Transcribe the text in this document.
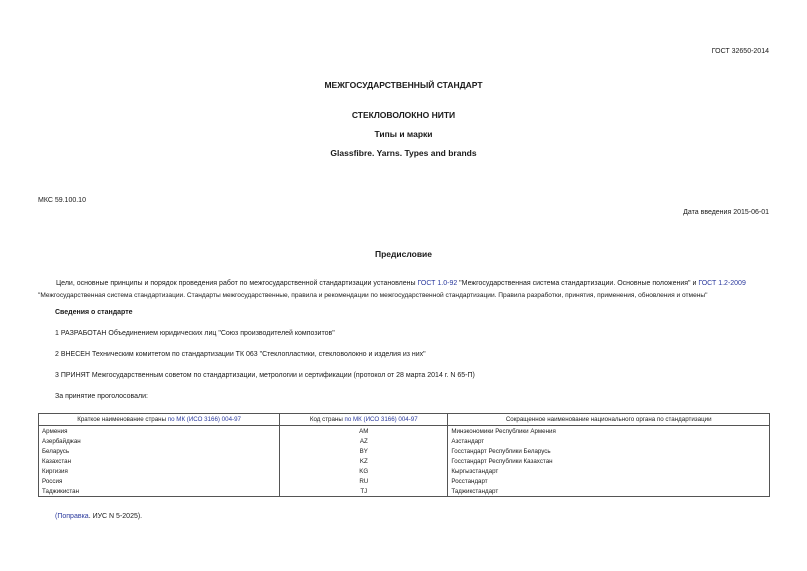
ГОСТ 32650-2014
МЕЖГОСУДАРСТВЕННЫЙ СТАНДАРТ
СТЕКЛОВОЛОКНО НИТИ
Типы и марки
Glassfibre. Yarns. Types and brands
МКС 59.100.10
Дата введения 2015-06-01
Предисловие
Цели, основные принципы и порядок проведения работ по межгосударственной стандартизации установлены ГОСТ 1.0-92 "Межгосударственная система стандартизации. Основные положения" и ГОСТ 1.2-2009
"Межгосударственная система стандартизации. Стандарты межгосударственные, правила и рекомендации по межгосударственной стандартизации. Правила разработки, принятия, применения, обновления и отмены"
Сведения о стандарте
1 РАЗРАБОТАН Объединением юридических лиц "Союз производителей композитов"
2 ВНЕСЕН Техническим комитетом по стандартизации ТК 063 "Стеклопластики, стекловолокно и изделия из них"
3 ПРИНЯТ Межгосударственным советом по стандартизации, метрологии и сертификации (протокол от 28 марта 2014 г. N 65-П)
За принятие проголосовали:
Краткое наименование страны по МК (ИСО 3166) 004-97	Код страны по МК (ИСО 3166) 004-97	Сокращенное наименование национального органа по стандартизации
Армения	AM	Минэкономики Республики Армения
Азербайджан	AZ	Азстандарт
Беларусь	BY	Госстандарт Республики Беларусь
Казахстан	KZ	Госстандарт Республики Казахстан
Киргизия	KG	Кыргызстандарт
Россия	RU	Росстандарт
Таджикистан	TJ	Таджикстандарт
(Поправка. ИУС N 5-2025).
